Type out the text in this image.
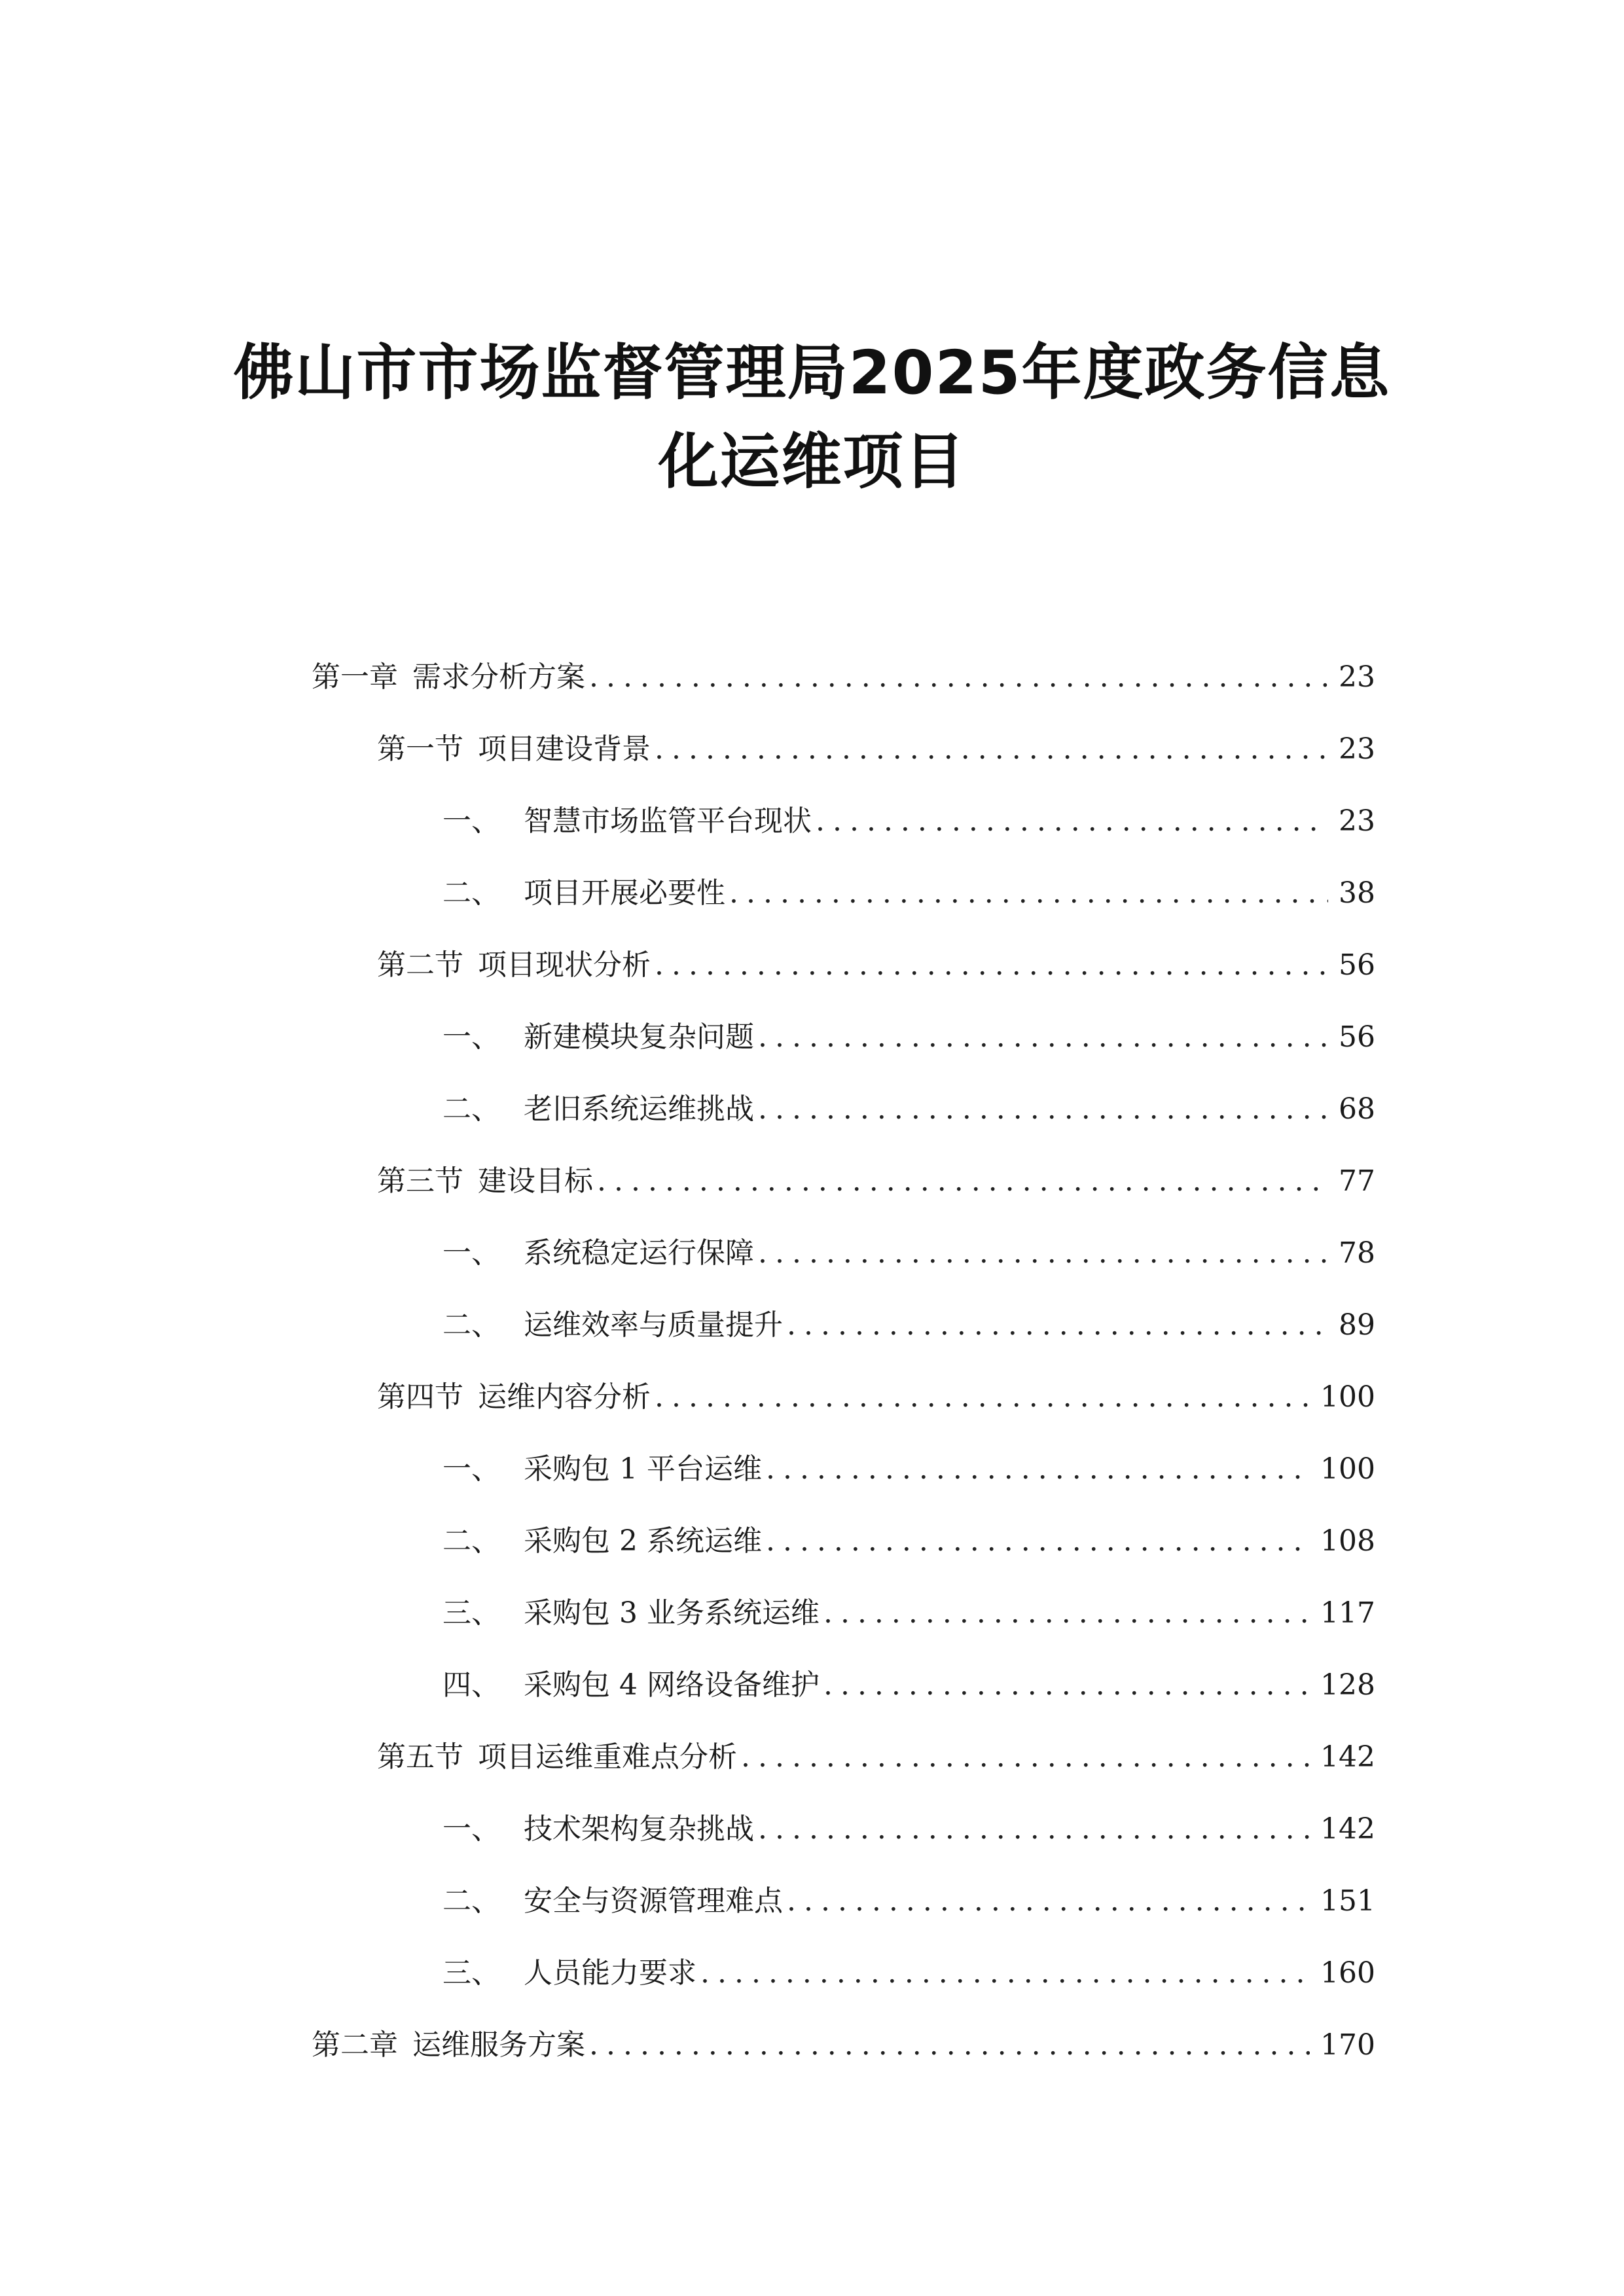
佛山市市场监督管理局2025年度政务信息
化运维项目
第一章 需求分析方案 .....	23
第一节 项目建设背景 .....	23
一、 智慧市场监管平台现状 .....	23
二、 项目开展必要性 .....	38
第二节 项目现状分析 .....	56
一、 新建模块复杂问题 .....	56
二、 老旧系统运维挑战 .....	68
第三节 建设目标 .....	77
一、 系统稳定运行保障 .....	78
二、 运维效率与质量提升 .....	89
第四节 运维内容分析 .....	100
一、 采购包 1 平台运维 .....	100
二、 采购包 2 系统运维 .....	108
三、 采购包 3 业务系统运维 .....	117
四、 采购包 4 网络设备维护 .....	128
第五节 项目运维重难点分析 .....	142
一、 技术架构复杂挑战 .....	142
二、 安全与资源管理难点 .....	151
三、 人员能力要求 .....	160
第二章 运维服务方案 .....	170
